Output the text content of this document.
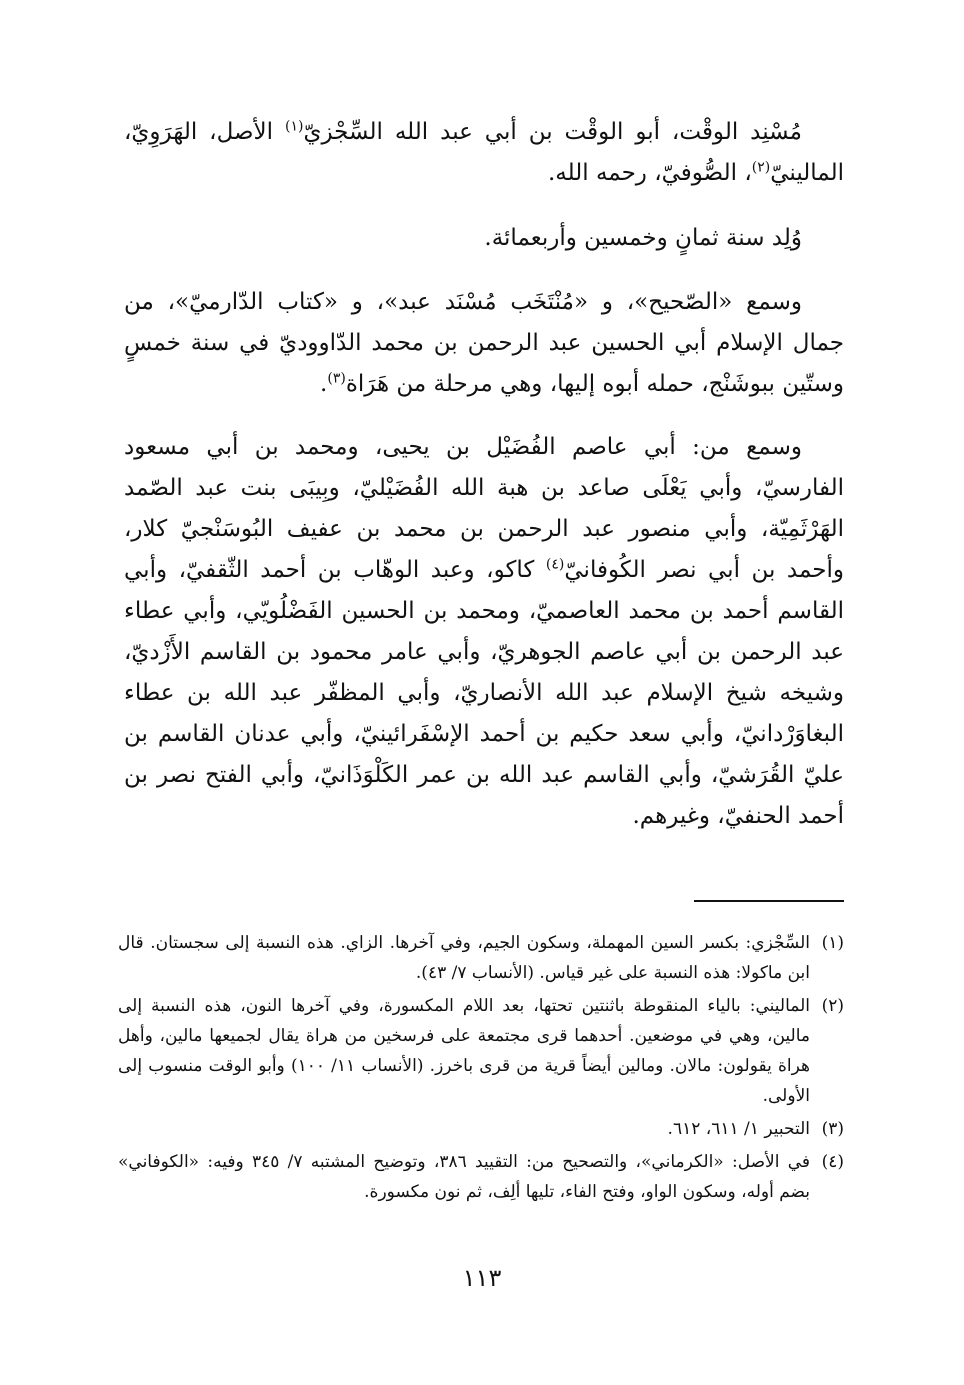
مُسْنِد الوقْت، أبو الوقْت بن أبي عبد الله السِّجْزيّ$^{(١)}$ الأصل، الهَرَوِيّ، المالينيّ$^{(٢)}$، الصُّوفيّ، رحمه الله.

وُلِد سنة ثمانٍ وخمسين وأربعمائة.

وسمع «الصّحيح»، و «مُنْتَخَب مُسْنَد عبد»، و «كتاب الدّارميّ»، من جمال الإسلام أبي الحسين عبد الرحمن بن محمد الدّاووديّ في سنة خمسٍ وستّين ببوشَنْج، حمله أبوه إليها، وهي مرحلة من هَرَاة$^{(٣)}$.

وسمع من: أبي عاصم الفُضَيْل بن يحيى، ومحمد بن أبي مسعود الفارسيّ، وأبي يَعْلَى صاعد بن هبة الله الفُضَيْليّ، وبِيبَى بنت عبد الصّمد الهَرْثَمِيّة، وأبي منصور عبد الرحمن بن محمد بن عفيف البُوسَنْجيّ كلار، وأحمد بن أبي نصر الكُوفانيّ$^{(٤)}$ كاكو، وعبد الوهّاب بن أحمد الثّقفيّ، وأبي القاسم أحمد بن محمد العاصميّ، ومحمد بن الحسين الفَضْلُويّي، وأبي عطاء عبد الرحمن بن أبي عاصم الجوهريّ، وأبي عامر محمود بن القاسم الأَزْديّ، وشيخه شيخ الإسلام عبد الله الأنصاريّ، وأبي المظفّر عبد الله بن عطاء البغاوَرْدانيّ، وأبي سعد حكيم بن أحمد الإسْفَرائينيّ، وأبي عدنان القاسم بن عليّ القُرَشيّ، وأبي القاسم عبد الله بن عمر الكَلْوَذَانيّ، وأبي الفتح نصر بن أحمد الحنفيّ، وغيرهم.

(١)
السِّجْزي: بكسر السين المهملة، وسكون الجيم، وفي آخرها. الزاي. هذه النسبة إلى سجستان. قال ابن ماكولا: هذه النسبة على غير قياس. (الأنساب ٧/ ٤٣).
(٢)
الماليني: بالياء المنقوطة باثنتين تحتها، بعد اللام المكسورة، وفي آخرها النون، هذه النسبة إلى مالين، وهي في موضعين. أحدهما قرى مجتمعة على فرسخين من هراة يقال لجميعها مالين، وأهل هراة يقولون: مالان. ومالين أيضاً قرية من قرى باخرز. (الأنساب ١١/ ١٠٠) وأبو الوقت منسوب إلى الأولى.
(٣)
التحبير ١/ ٦١١، ٦١٢.
(٤)
في الأصل: «الكرماني»، والتصحيح من: التقييد ٣٨٦، وتوضيح المشتبه ٧/ ٣٤٥ وفيه: «الكوفاني» بضم أوله، وسكون الواو، وفتح الفاء، تليها ألِف، ثم نون مكسورة.
١١٣
